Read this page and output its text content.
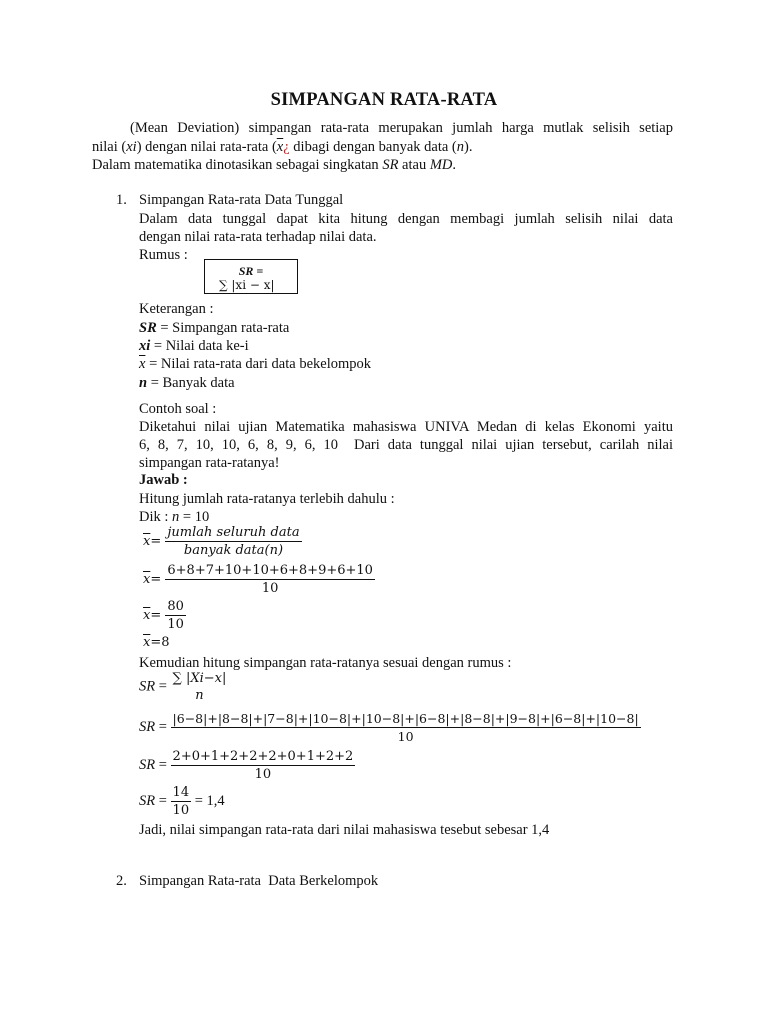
SIMPANGAN RATA-RATA
(Mean Deviation) simpangan rata-rata merupakan jumlah harga mutlak selisih setiap
nilai (xi) dengan nilai rata-rata ($\overline{x}¿$ dibagi dengan banyak data (n).
Dalam matematika dinotasikan sebagai singkatan SR atau MD.
1. Simpangan Rata-rata Data Tunggal
Dalam data tunggal dapat kita hitung dengan membagi jumlah selisih nilai data
dengan nilai rata-rata terhadap nilai data.
Rumus :
SR =
∑ |xi − x|
Keterangan :
SR = Simpangan rata-rata
xi = Nilai data ke-i
$\overline{x}$ = Nilai rata-rata dari data bekelompok
n = Banyak data
Contoh soal :
Diketahui nilai ujian Matematika mahasiswa UNIVA Medan di kelas Ekonomi yaitu
6, 8, 7, 10, 10, 6, 8, 9, 6, 10  Dari data tunggal nilai ujian tersebut, carilah nilai
simpangan rata-ratanya!
Jawab :
Hitung jumlah rata-ratanya terlebih dahulu :
Dik : n = 10
$\overline{x}= \frac{\text{jumlah seluruh data}}{\text{banyak data(n)}}$
$\overline{x}= \frac{6+8+7+10+10+6+8+9+6+10}{10}$
$\overline{x}= \frac{80}{10}$
$\overline{x}=8$
Kemudian hitung simpangan rata-ratanya sesuai dengan rumus :
SR = ∑ |Xi−x|
n
SR =
|6−8|+|8−8|+|7−8|+|10−8|+|10−8|+|6−8|+|8−8|+|9−8|+|6−8|+|10−8|
10
SR = $\frac{2+0+1+2+2+2+0+1+2+2}{10}$
SR = $\frac{14}{10} = 1,4$
Jadi, nilai simpangan rata-rata dari nilai mahasiswa tesebut sebesar 1,4
2. Simpangan Rata-rata  Data Berkelompok
